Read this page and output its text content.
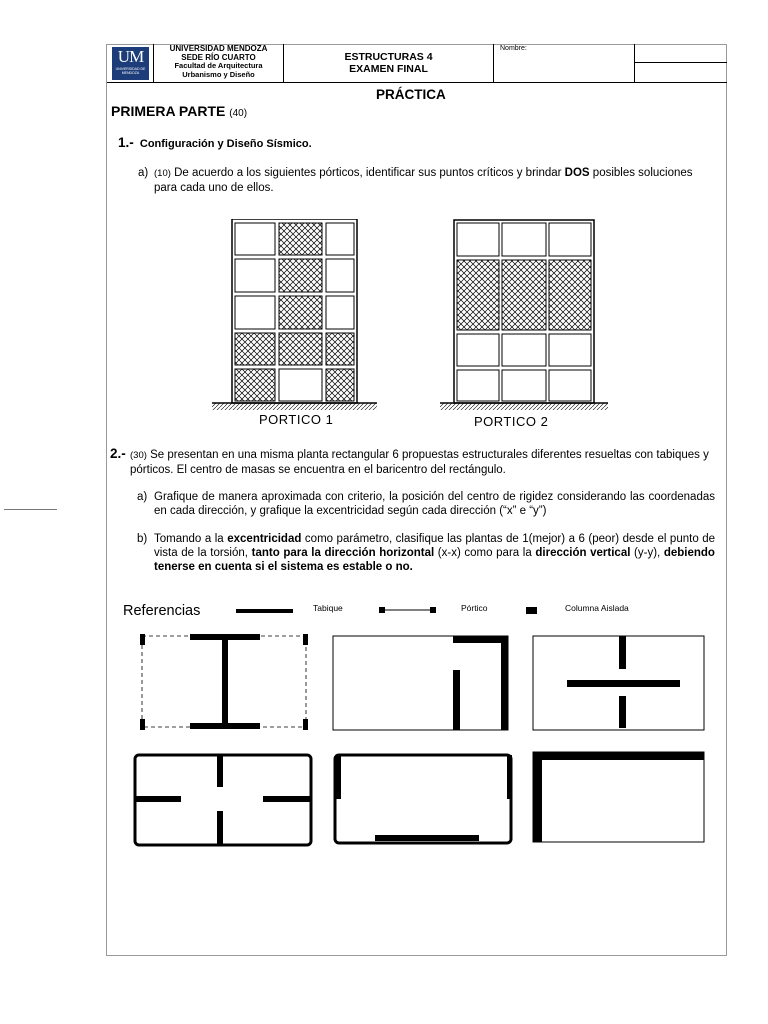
UM
UNIVERSIDAD DE MENDOZA
UNIVERSIDAD MENDOZA
SEDE RÍO CUARTO
Facultad de Arquitectura
Urbanismo y Diseño
ESTRUCTURAS 4
EXAMEN FINAL
Nombre:
PRÁCTICA
PRIMERA PARTE (40)
1.- Configuración y Diseño Sísmico.
a) (10) De acuerdo a los siguientes pórticos, identificar sus puntos críticos y brindar DOS posibles soluciones para cada uno de ellos.
PORTICO 1	PORTICO 2
2.- (30) Se presentan en una misma planta rectangular 6 propuestas estructurales diferentes resueltas con tabiques y pórticos. El centro de masas se encuentra en el baricentro del rectángulo.
a) Grafique de manera aproximada con criterio, la posición del centro de rigidez considerando las coordenadas en cada dirección, y grafique la excentricidad según cada dirección (“x” e “y”)
b) Tomando a la excentricidad como parámetro, clasifique las plantas de 1(mejor) a 6 (peor) desde el punto de vista de la torsión, tanto para la dirección horizontal (x-x) como para la dirección vertical (y-y), debiendo tenerse en cuenta si el sistema es estable o no.
Referencias	Tabique	Pórtico	Columna Aislada
